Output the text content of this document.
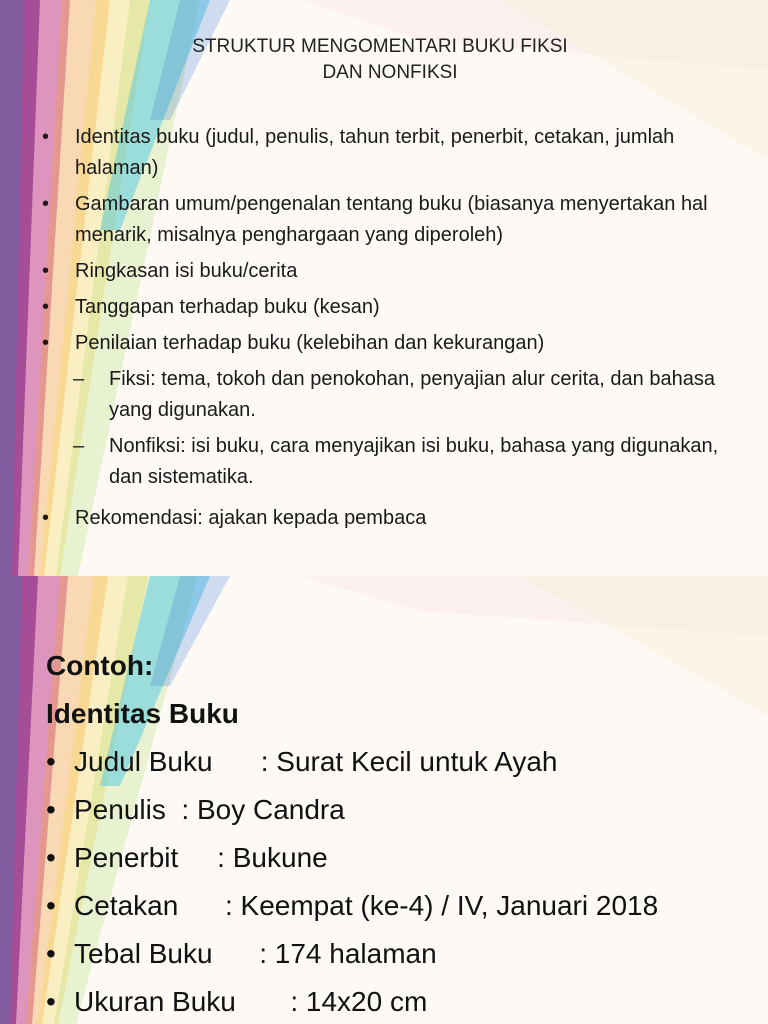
STRUKTUR MENGOMENTARI BUKU FIKSI
DAN NONFIKSI
• Identitas buku (judul, penulis, tahun terbit, penerbit, cetakan, jumlah halaman)
• Gambaran umum/pengenalan tentang buku (biasanya menyertakan hal menarik, misalnya penghargaan yang diperoleh)
• Ringkasan isi buku/cerita
• Tanggapan terhadap buku (kesan)
• Penilaian terhadap buku (kelebihan dan kekurangan)
– Fiksi: tema, tokoh dan penokohan, penyajian alur cerita, dan bahasa yang digunakan.
– Nonfiksi: isi buku, cara menyajikan isi buku, bahasa yang digunakan, dan sistematika.
• Rekomendasi: ajakan kepada pembaca
Contoh:
Identitas Buku
• Judul Buku	: Surat Kecil untuk Ayah
• Penulis  : Boy Candra
• Penerbit     : Bukune
• Cetakan      : Keempat (ke-4) / IV, Januari 2018
• Tebal Buku      : 174 halaman
• Ukuran Buku       : 14x20 cm
